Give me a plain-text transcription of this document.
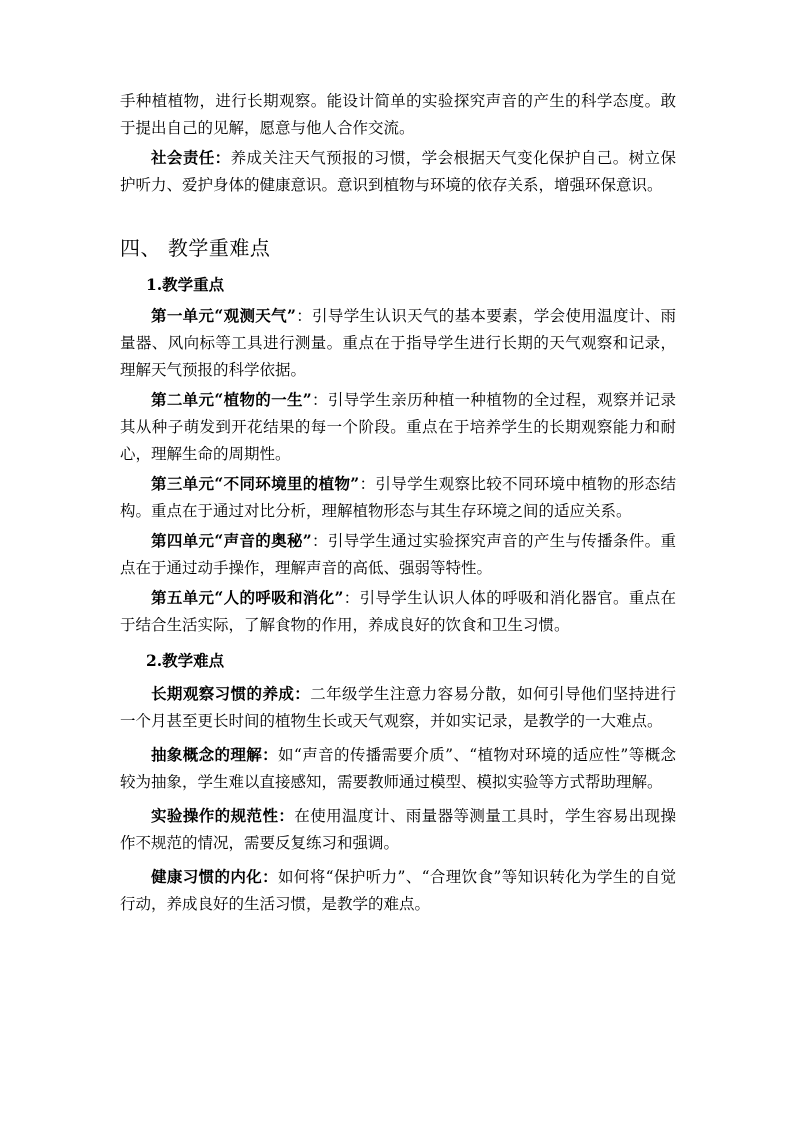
手种植植物，进行长期观察。能设计简单的实验探究声音的产生的科学态度。敢于提出自己的见解，愿意与他人合作交流。

社会责任：养成关注天气预报的习惯，学会根据天气变化保护自己。树立保护听力、爱护身体的健康意识。意识到植物与环境的依存关系，增强环保意识。

四、 教学重难点
1.教学重点

第一单元“观测天气”：引导学生认识天气的基本要素，学会使用温度计、雨量器、风向标等工具进行测量。重点在于指导学生进行长期的天气观察和记录，理解天气预报的科学依据。

第二单元“植物的一生”：引导学生亲历种植一种植物的全过程，观察并记录其从种子萌发到开花结果的每一个阶段。重点在于培养学生的长期观察能力和耐心，理解生命的周期性。

第三单元“不同环境里的植物”：引导学生观察比较不同环境中植物的形态结构。重点在于通过对比分析，理解植物形态与其生存环境之间的适应关系。

第四单元“声音的奥秘”：引导学生通过实验探究声音的产生与传播条件。重点在于通过动手操作，理解声音的高低、强弱等特性。

第五单元“人的呼吸和消化”：引导学生认识人体的呼吸和消化器官。重点在于结合生活实际，了解食物的作用，养成良好的饮食和卫生习惯。

2.教学难点

长期观察习惯的养成：二年级学生注意力容易分散，如何引导他们坚持进行一个月甚至更长时间的植物生长或天气观察，并如实记录，是教学的一大难点。

抽象概念的理解：如“声音的传播需要介质”、“植物对环境的适应性”等概念较为抽象，学生难以直接感知，需要教师通过模型、模拟实验等方式帮助理解。

实验操作的规范性：在使用温度计、雨量器等测量工具时，学生容易出现操作不规范的情况，需要反复练习和强调。

健康习惯的内化：如何将“保护听力”、“合理饮食”等知识转化为学生的自觉行动，养成良好的生活习惯，是教学的难点。
